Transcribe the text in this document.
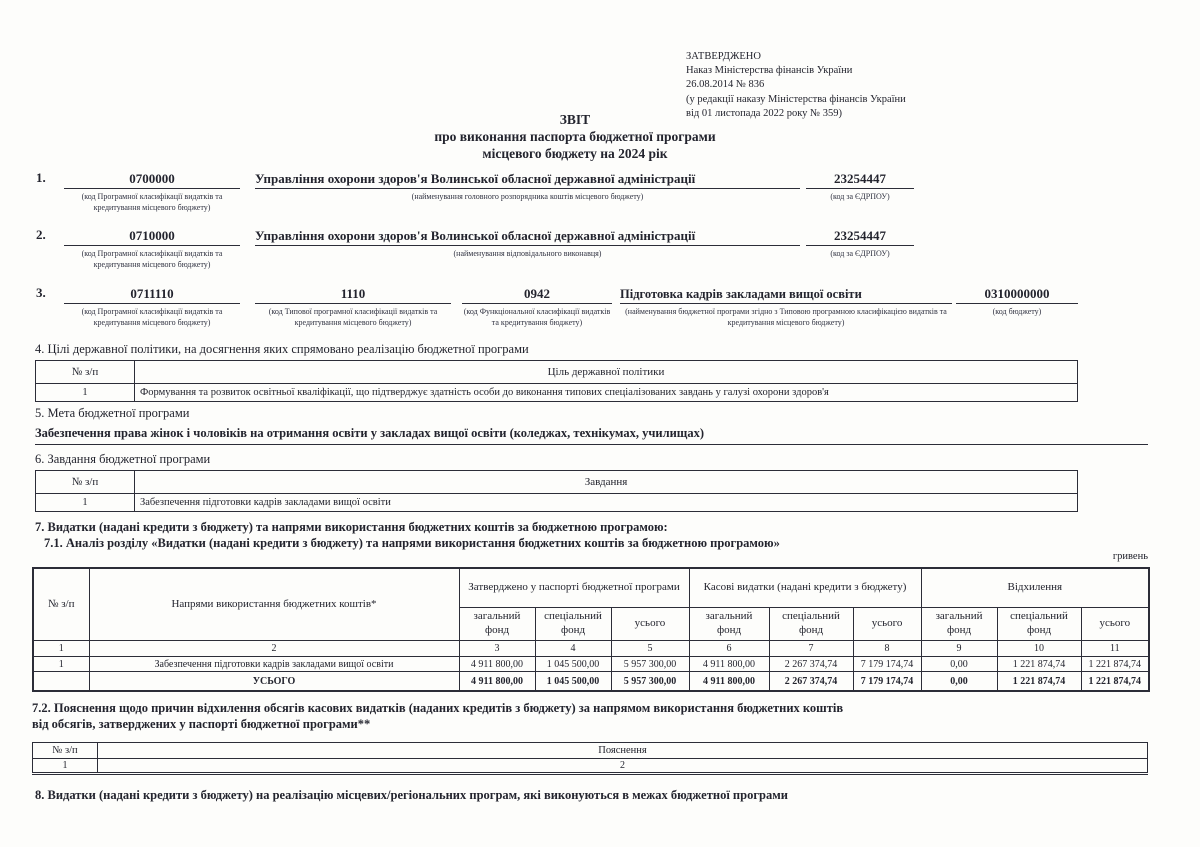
ЗАТВЕРДЖЕНО
Наказ Міністерства фінансів України
26.08.2014 № 836
(у редакції наказу Міністерства фінансів України
від 01 листопада 2022 року № 359)
ЗВІТ
про виконання паспорта бюджетної програми
місцевого бюджету на 2024 рік
1.	0700000
(код Програмної класифікації видатків та кредитування місцевого бюджету)
Управління охорони здоров'я Волинської обласної державної адміністрації
(найменування головного розпорядника коштів місцевого бюджету)
23254447
(код за ЄДРПОУ)
2.	0710000
(код Програмної класифікації видатків та кредитування місцевого бюджету)
Управління охорони здоров'я Волинської обласної державної адміністрації
(найменування відповідального виконавця)
23254447
(код за ЄДРПОУ)
3.	0711110
(код Програмної класифікації видатків та кредитування місцевого бюджету)
1110
(код Типової програмної класифікації видатків та кредитування місцевого бюджету)
0942
(код Функціональної класифікації видатків та кредитування бюджету)
Підготовка кадрів закладами вищої освіти
(найменування бюджетної програми згідно з Типовою програмною класифікацією видатків та кредитування місцевого бюджету)
0310000000
(код бюджету)
4. Цілі державної політики, на досягнення яких спрямовано реалізацію бюджетної програми
№ з/п	Ціль державної політики
1	Формування та розвиток освітньої кваліфікації, що підтверджує здатність особи до виконання типових спеціалізованих завдань у галузі охорони здоров'я
5. Мета бюджетної програми
Забезпечення права жінок і чоловіків на отримання освіти у закладах вищої освіти (коледжах, технікумах, училищах)
6. Завдання бюджетної програми
№ з/п	Завдання
1	Забезпечення підготовки кадрів закладами вищої освіти
7. Видатки (надані кредити з бюджету) та напрями використання бюджетних коштів за бюджетною програмою:
7.1. Аналіз розділу «Видатки (надані кредити з бюджету) та напрями використання бюджетних коштів за бюджетною програмою»
гривень
№ з/п	Напрями використання бюджетних коштів*	Затверджено у паспорті бюджетної програми			Касові видатки (надані кредити з бюджету)			Відхилення		
		загальний фонд	спеціальний фонд	усього	загальний фонд	спеціальний фонд	усього	загальний фонд	спеціальний фонд	усього
1	2	3	4	5	6	7	8	9	10	11
1	Забезпечення підготовки кадрів закладами вищої освіти	4 911 800,00	1 045 500,00	5 957 300,00	4 911 800,00	2 267 374,74	7 179 174,74	0,00	1 221 874,74	1 221 874,74
	УСЬОГО	4 911 800,00	1 045 500,00	5 957 300,00	4 911 800,00	2 267 374,74	7 179 174,74	0,00	1 221 874,74	1 221 874,74
7.2. Пояснення щодо причин відхилення обсягів касових видатків (наданих кредитів з бюджету) за напрямом використання бюджетних коштів
від обсягів, затверджених у паспорті бюджетної програми**
№ з/п	Пояснення
1	2
8. Видатки (надані кредити з бюджету) на реалізацію місцевих/регіональних програм, які виконуються в межах бюджетної програми
